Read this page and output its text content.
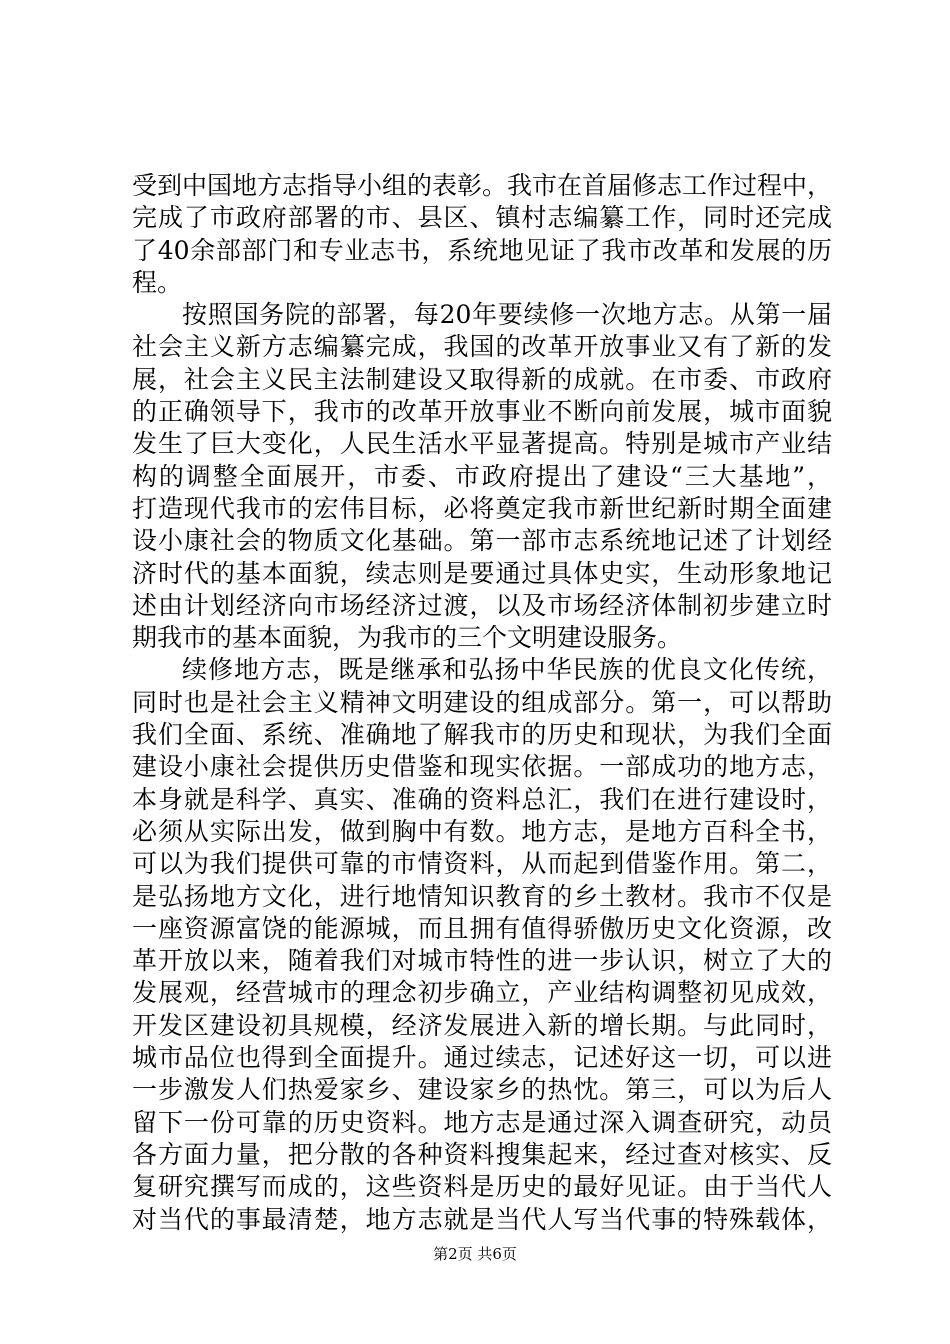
受到中国地方志指导小组的表彰。我市在首届修志工作过程中，
完成了市政府部署的市、县区、镇村志编纂工作，同时还完成
了40余部部门和专业志书，系统地见证了我市改革和发展的历
程。
按照国务院的部署，每20年要续修一次地方志。从第一届
社会主义新方志编纂完成，我国的改革开放事业又有了新的发
展，社会主义民主法制建设又取得新的成就。在市委、市政府
的正确领导下，我市的改革开放事业不断向前发展，城市面貌
发生了巨大变化，人民生活水平显著提高。特别是城市产业结
构的调整全面展开，市委、市政府提出了建设“三大基地”，
打造现代我市的宏伟目标，必将奠定我市新世纪新时期全面建
设小康社会的物质文化基础。第一部市志系统地记述了计划经
济时代的基本面貌，续志则是要通过具体史实，生动形象地记
述由计划经济向市场经济过渡，以及市场经济体制初步建立时
期我市的基本面貌，为我市的三个文明建设服务。
续修地方志，既是继承和弘扬中华民族的优良文化传统，
同时也是社会主义精神文明建设的组成部分。第一，可以帮助
我们全面、系统、准确地了解我市的历史和现状，为我们全面
建设小康社会提供历史借鉴和现实依据。一部成功的地方志，
本身就是科学、真实、准确的资料总汇，我们在进行建设时，
必须从实际出发，做到胸中有数。地方志，是地方百科全书，
可以为我们提供可靠的市情资料，从而起到借鉴作用。第二，
是弘扬地方文化，进行地情知识教育的乡土教材。我市不仅是
一座资源富饶的能源城，而且拥有值得骄傲历史文化资源，改
革开放以来，随着我们对城市特性的进一步认识，树立了大的
发展观，经营城市的理念初步确立，产业结构调整初见成效，
开发区建设初具规模，经济发展进入新的增长期。与此同时，
城市品位也得到全面提升。通过续志，记述好这一切，可以进
一步激发人们热爱家乡、建设家乡的热忱。第三，可以为后人
留下一份可靠的历史资料。地方志是通过深入调查研究，动员
各方面力量，把分散的各种资料搜集起来，经过查对核实、反
复研究撰写而成的，这些资料是历史的最好见证。由于当代人
对当代的事最清楚，地方志就是当代人写当代事的特殊载体，
第2页 共6页
